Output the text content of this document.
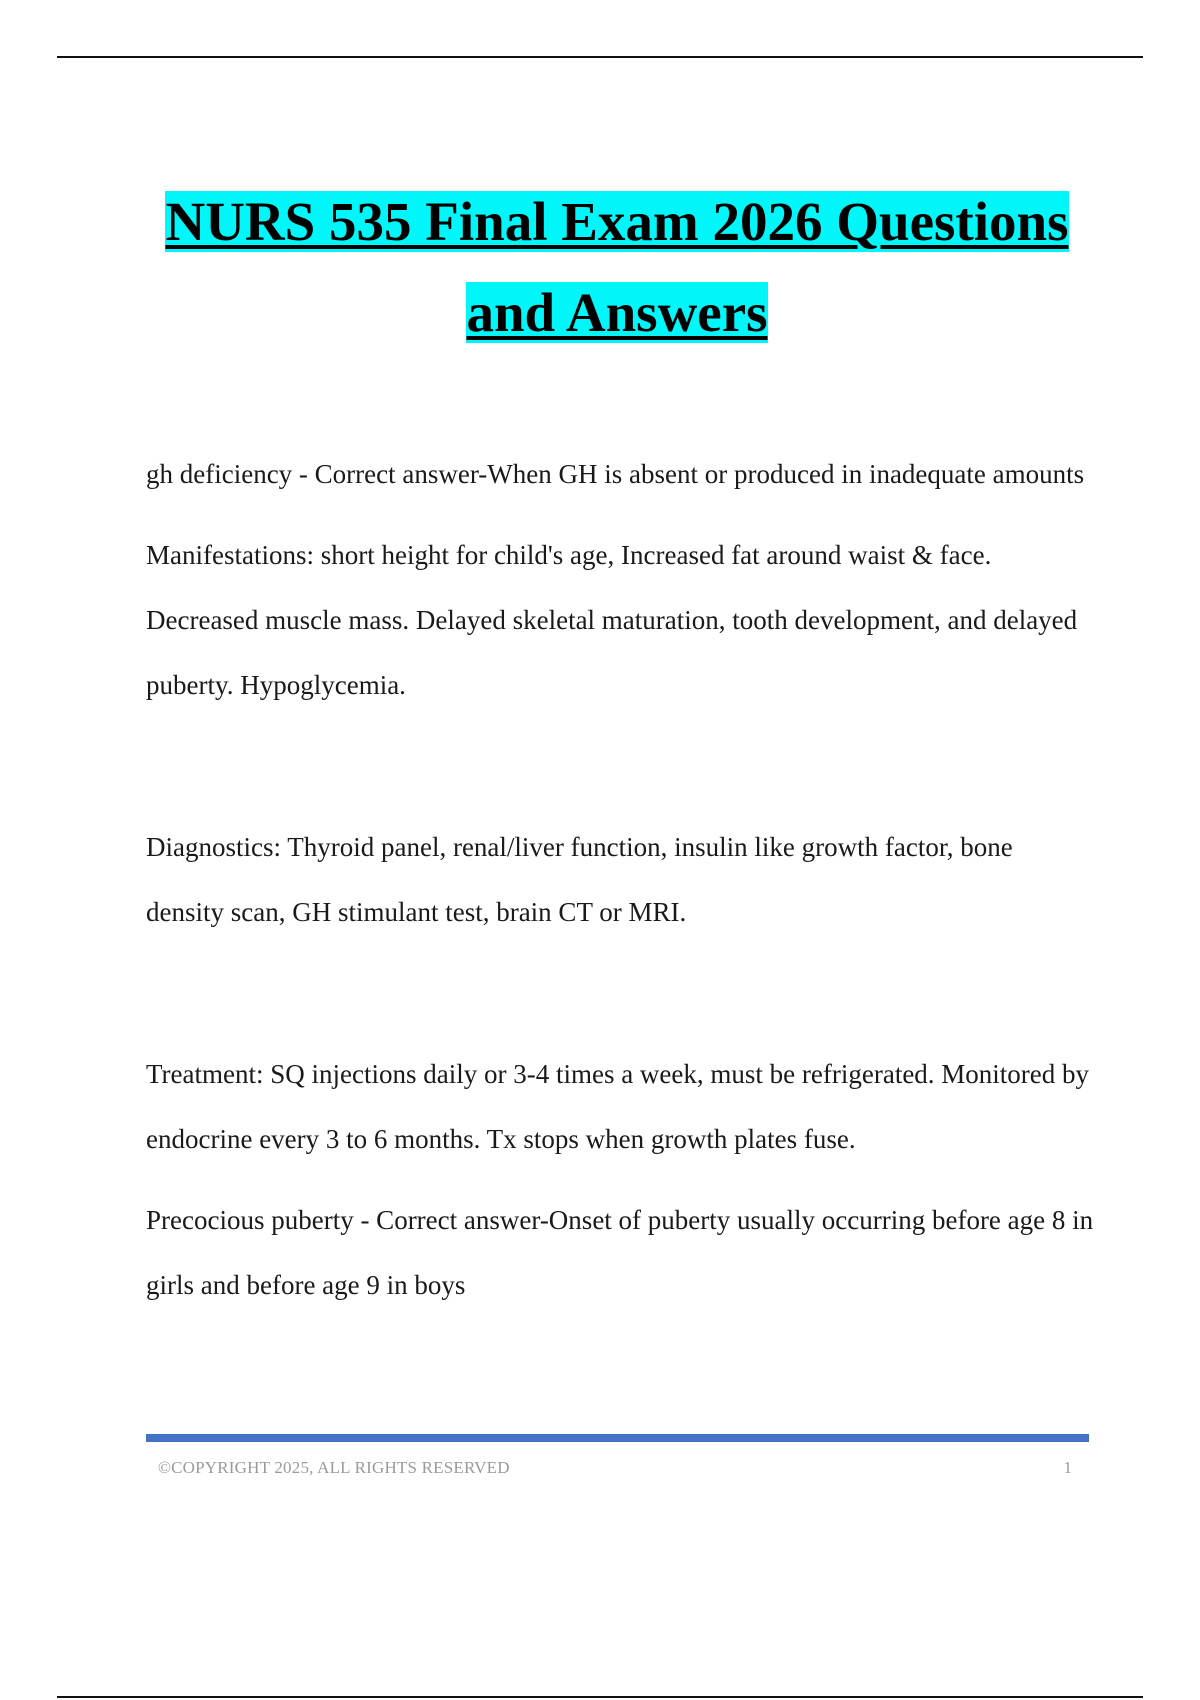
NURS 535 Final Exam 2026 Questions
and Answers

gh deficiency - Correct answer-When GH is absent or produced in inadequate amounts

Manifestations: short height for child's age, Increased fat around waist & face. Decreased muscle mass. Delayed skeletal maturation, tooth development, and delayed puberty. Hypoglycemia.

Diagnostics: Thyroid panel, renal/liver function, insulin like growth factor, bone density scan, GH stimulant test, brain CT or MRI.

Treatment: SQ injections daily or 3-4 times a week, must be refrigerated. Monitored by endocrine every 3 to 6 months. Tx stops when growth plates fuse.

Precocious puberty - Correct answer-Onset of puberty usually occurring before age 8 in girls and before age 9 in boys

©COPYRIGHT 2025, ALL RIGHTS RESERVED	1
